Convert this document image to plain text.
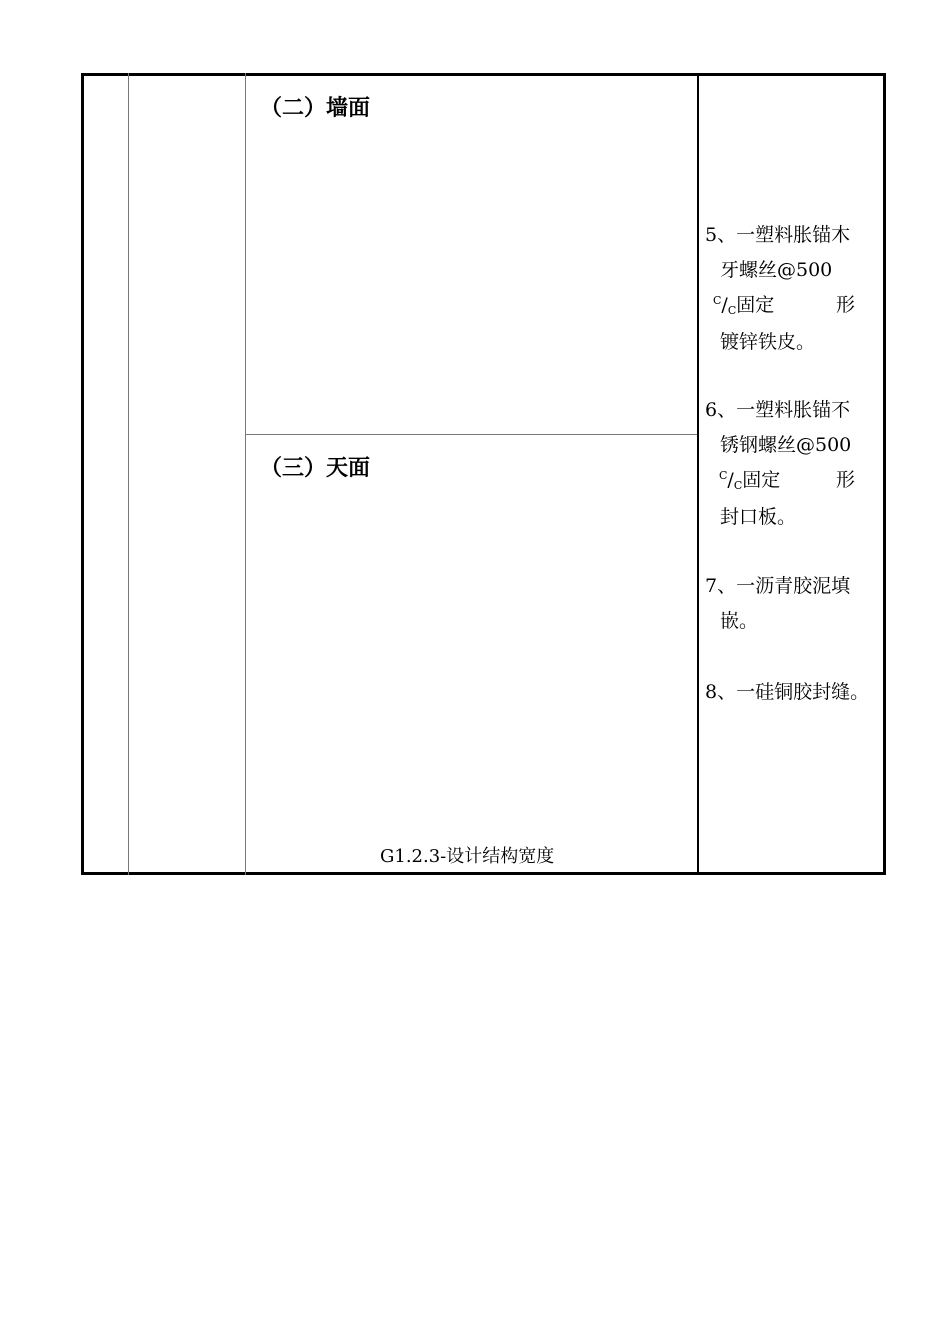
（二）墙面
（三）天面
G1.2.3-设计结构宽度
5、一塑料胀锚木
牙螺丝@500
$^C$/C固定	形
镀锌铁皮。
6、一塑料胀锚不
锈钢螺丝@500
$^C$/C固定	形
封口板。
7、一沥青胶泥填
嵌。
8、一硅铜胶封缝。
